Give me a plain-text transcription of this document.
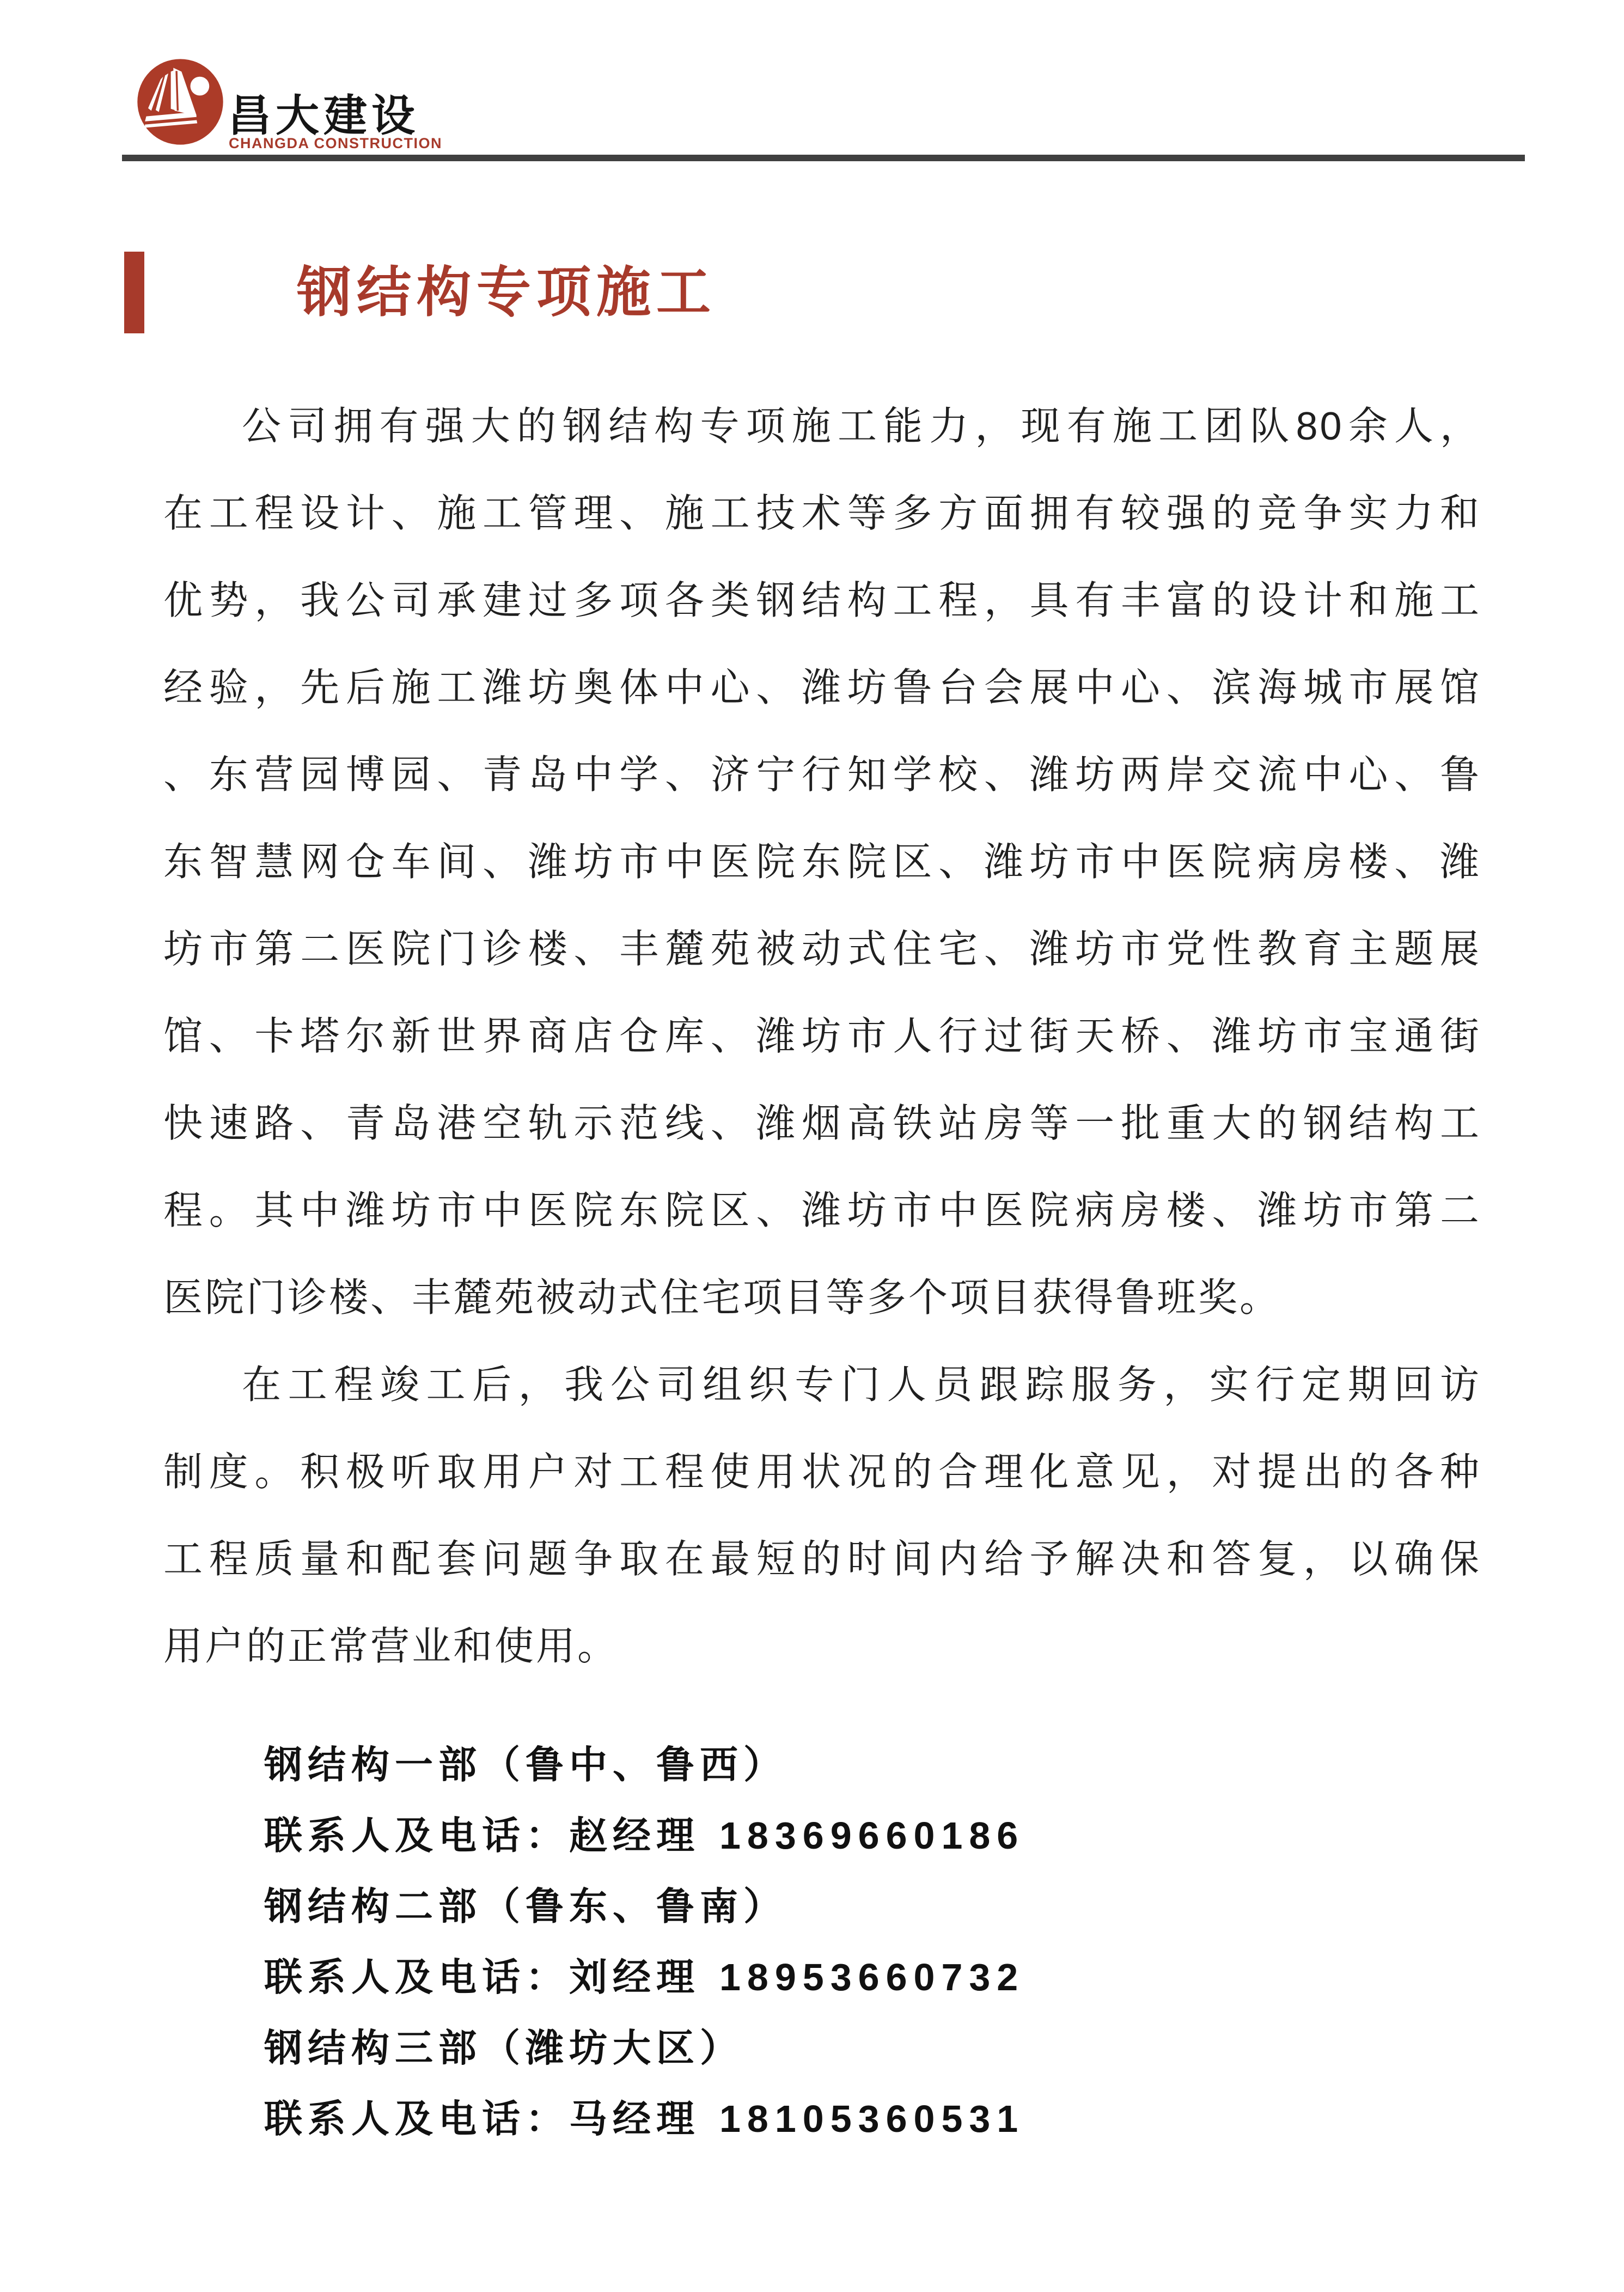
昌大建设
CHANGDA CONSTRUCTION
钢结构专项施工
公司拥有强大的钢结构专项施工能力，现有施工团队80余人，
在工程设计、施工管理、施工技术等多方面拥有较强的竞争实力和
优势，我公司承建过多项各类钢结构工程，具有丰富的设计和施工
经验，先后施工潍坊奥体中心、潍坊鲁台会展中心、滨海城市展馆
、东营园博园、青岛中学、济宁行知学校、潍坊两岸交流中心、鲁
东智慧网仓车间、潍坊市中医院东院区、潍坊市中医院病房楼、潍
坊市第二医院门诊楼、丰麓苑被动式住宅、潍坊市党性教育主题展
馆、卡塔尔新世界商店仓库、潍坊市人行过街天桥、潍坊市宝通街
快速路、青岛港空轨示范线、潍烟高铁站房等一批重大的钢结构工
程。其中潍坊市中医院东院区、潍坊市中医院病房楼、潍坊市第二
医院门诊楼、丰麓苑被动式住宅项目等多个项目获得鲁班奖。
在工程竣工后，我公司组织专门人员跟踪服务，实行定期回访
制度。积极听取用户对工程使用状况的合理化意见，对提出的各种
工程质量和配套问题争取在最短的时间内给予解决和答复，以确保
用户的正常营业和使用。
钢结构一部（鲁中、鲁西）
联系人及电话：赵经理 18369660186
钢结构二部（鲁东、鲁南）
联系人及电话：刘经理 18953660732
钢结构三部（潍坊大区）
联系人及电话：马经理 18105360531
